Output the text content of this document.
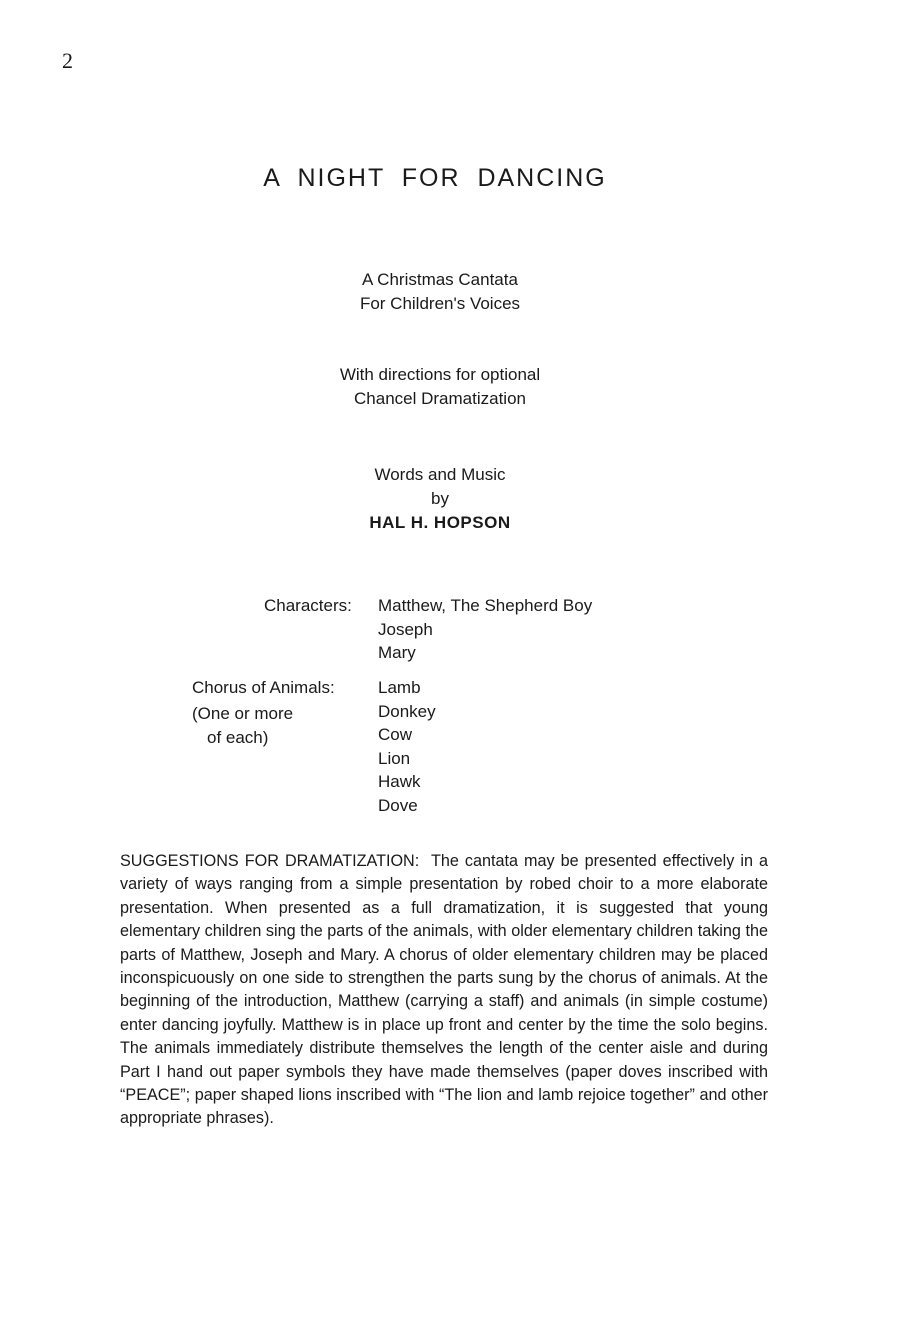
2
A NIGHT FOR DANCING
A Christmas Cantata
For Children's Voices
With directions for optional
Chancel Dramatization
Words and Music
by
HAL H. HOPSON
Characters: Matthew, The Shepherd Boy
Joseph
Mary
Chorus of Animals:
(One or more
of each)
Lamb
Donkey
Cow
Lion
Hawk
Dove
SUGGESTIONS FOR DRAMATIZATION: The cantata may be presented effectively in a variety of ways ranging from a simple presentation by robed choir to a more elaborate presentation. When presented as a full dramatization, it is suggested that young elementary children sing the parts of the animals, with older elementary children taking the parts of Matthew, Joseph and Mary. A chorus of older elementary children may be placed inconspicuously on one side to strengthen the parts sung by the chorus of animals. At the beginning of the introduction, Matthew (carrying a staff) and animals (in simple costume) enter dancing joyfully. Matthew is in place up front and center by the time the solo begins. The animals immediately distribute themselves the length of the center aisle and during Part I hand out paper symbols they have made themselves (paper doves inscribed with “PEACE”; paper shaped lions inscribed with “The lion and lamb rejoice together” and other appropriate phrases).
